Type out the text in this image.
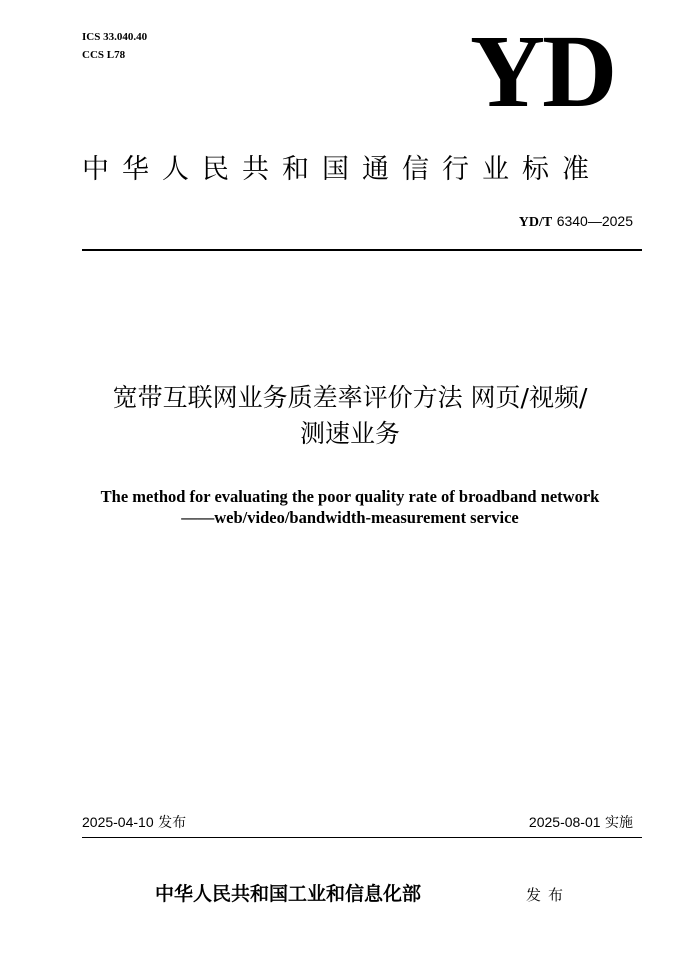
ICS 33.040.40
CCS L78	YD
中华人民共和国通信行业标准
YD/T 6340—2025
宽带互联网业务质差率评价方法 网页/视频/
测速业务
The method for evaluating the poor quality rate of broadband network
——web/video/bandwidth-measurement service
2025-04-10 发布	2025-08-01 实施
中华人民共和国工业和信息化部	发布
